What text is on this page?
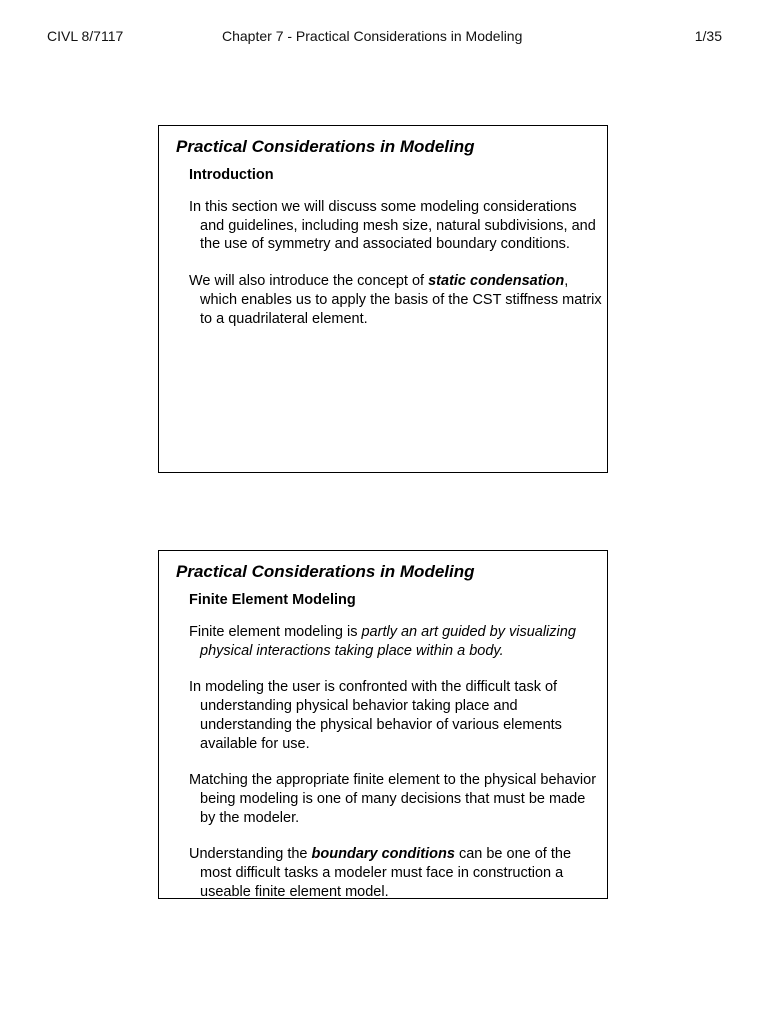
CIVL 8/7117	Chapter 7 - Practical Considerations in Modeling	1/35
Practical Considerations in Modeling
Introduction

In this section we will discuss some modeling considerations and guidelines, including mesh size, natural subdivisions, and the use of symmetry and associated boundary conditions.

We will also introduce the concept of static condensation, which enables us to apply the basis of the CST stiffness matrix to a quadrilateral element.

Practical Considerations in Modeling
Finite Element Modeling

Finite element modeling is partly an art guided by visualizing physical interactions taking place within a body.

In modeling the user is confronted with the difficult task of understanding physical behavior taking place and understanding the physical behavior of various elements available for use.

Matching the appropriate finite element to the physical behavior being modeling is one of many decisions that must be made by the modeler.

Understanding the boundary conditions can be one of the most difficult tasks a modeler must face in construction a useable finite element model.
